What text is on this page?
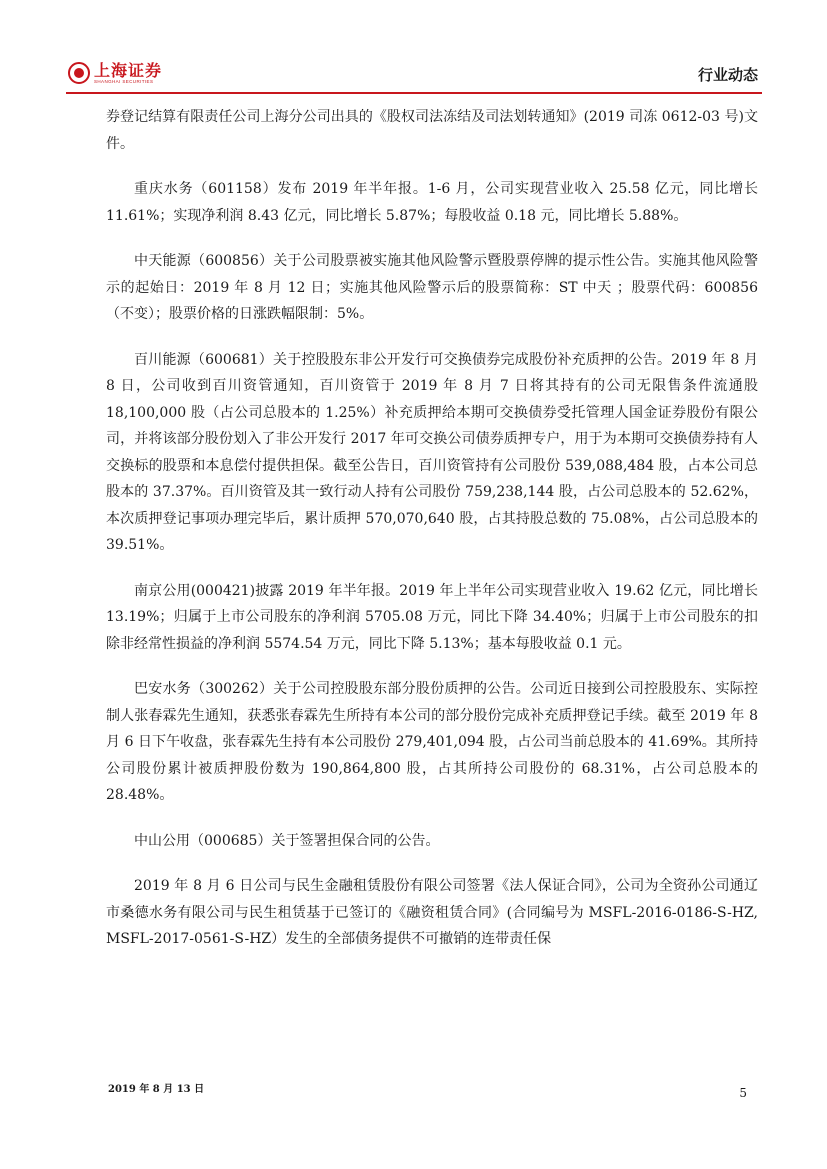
上海证券
SHANGHAI SECURITIES	行业动态

券登记结算有限责任公司上海分公司出具的《股权司法冻结及司法划转通知》(2019 司冻 0612-03 号)文件。

重庆水务（601158）发布 2019 年半年报。1-6 月，公司实现营业收入 25.58 亿元，同比增长 11.61%；实现净利润 8.43 亿元，同比增长 5.87%；每股收益 0.18 元，同比增长 5.88%。

中天能源（600856）关于公司股票被实施其他风险警示暨股票停牌的提示性公告。实施其他风险警示的起始日：2019 年 8 月 12 日；实施其他风险警示后的股票简称：ST 中天 ；股票代码：600856（不变）；股票价格的日涨跌幅限制：5%。

百川能源（600681）关于控股股东非公开发行可交换债券完成股份补充质押的公告。2019 年 8 月 8 日，公司收到百川资管通知，百川资管于 2019 年 8 月 7 日将其持有的公司无限售条件流通股 18,100,000 股（占公司总股本的 1.25%）补充质押给本期可交换债券受托管理人国金证券股份有限公司，并将该部分股份划入了非公开发行 2017 年可交换公司债券质押专户，用于为本期可交换债券持有人交换标的股票和本息偿付提供担保。截至公告日，百川资管持有公司股份 539,088,484 股，占本公司总股本的 37.37%。百川资管及其一致行动人持有公司股份 759,238,144 股，占公司总股本的 52.62%，本次质押登记事项办理完毕后，累计质押 570,070,640 股，占其持股总数的 75.08%，占公司总股本的 39.51%。

南京公用(000421)披露 2019 年半年报。2019 年上半年公司实现营业收入 19.62 亿元，同比增长 13.19%；归属于上市公司股东的净利润 5705.08 万元，同比下降 34.40%；归属于上市公司股东的扣除非经常性损益的净利润 5574.54 万元，同比下降 5.13%；基本每股收益 0.1 元。

巴安水务（300262）关于公司控股股东部分股份质押的公告。公司近日接到公司控股股东、实际控制人张春霖先生通知，获悉张春霖先生所持有本公司的部分股份完成补充质押登记手续。截至 2019 年 8 月 6 日下午收盘，张春霖先生持有本公司股份 279,401,094 股，占公司当前总股本的 41.69%。其所持公司股份累计被质押股份数为 190,864,800 股，占其所持公司股份的 68.31%，占公司总股本的 28.48%。

中山公用（000685）关于签署担保合同的公告。

2019 年 8 月 6 日公司与民生金融租赁股份有限公司签署《法人保证合同》，公司为全资孙公司通辽市桑德水务有限公司与民生租赁基于已签订的《融资租赁合同》(合同编号为 MSFL-2016-0186-S-HZ, MSFL-2017-0561-S-HZ）发生的全部债务提供不可撤销的连带责任保

2019 年 8 月 13 日	5
